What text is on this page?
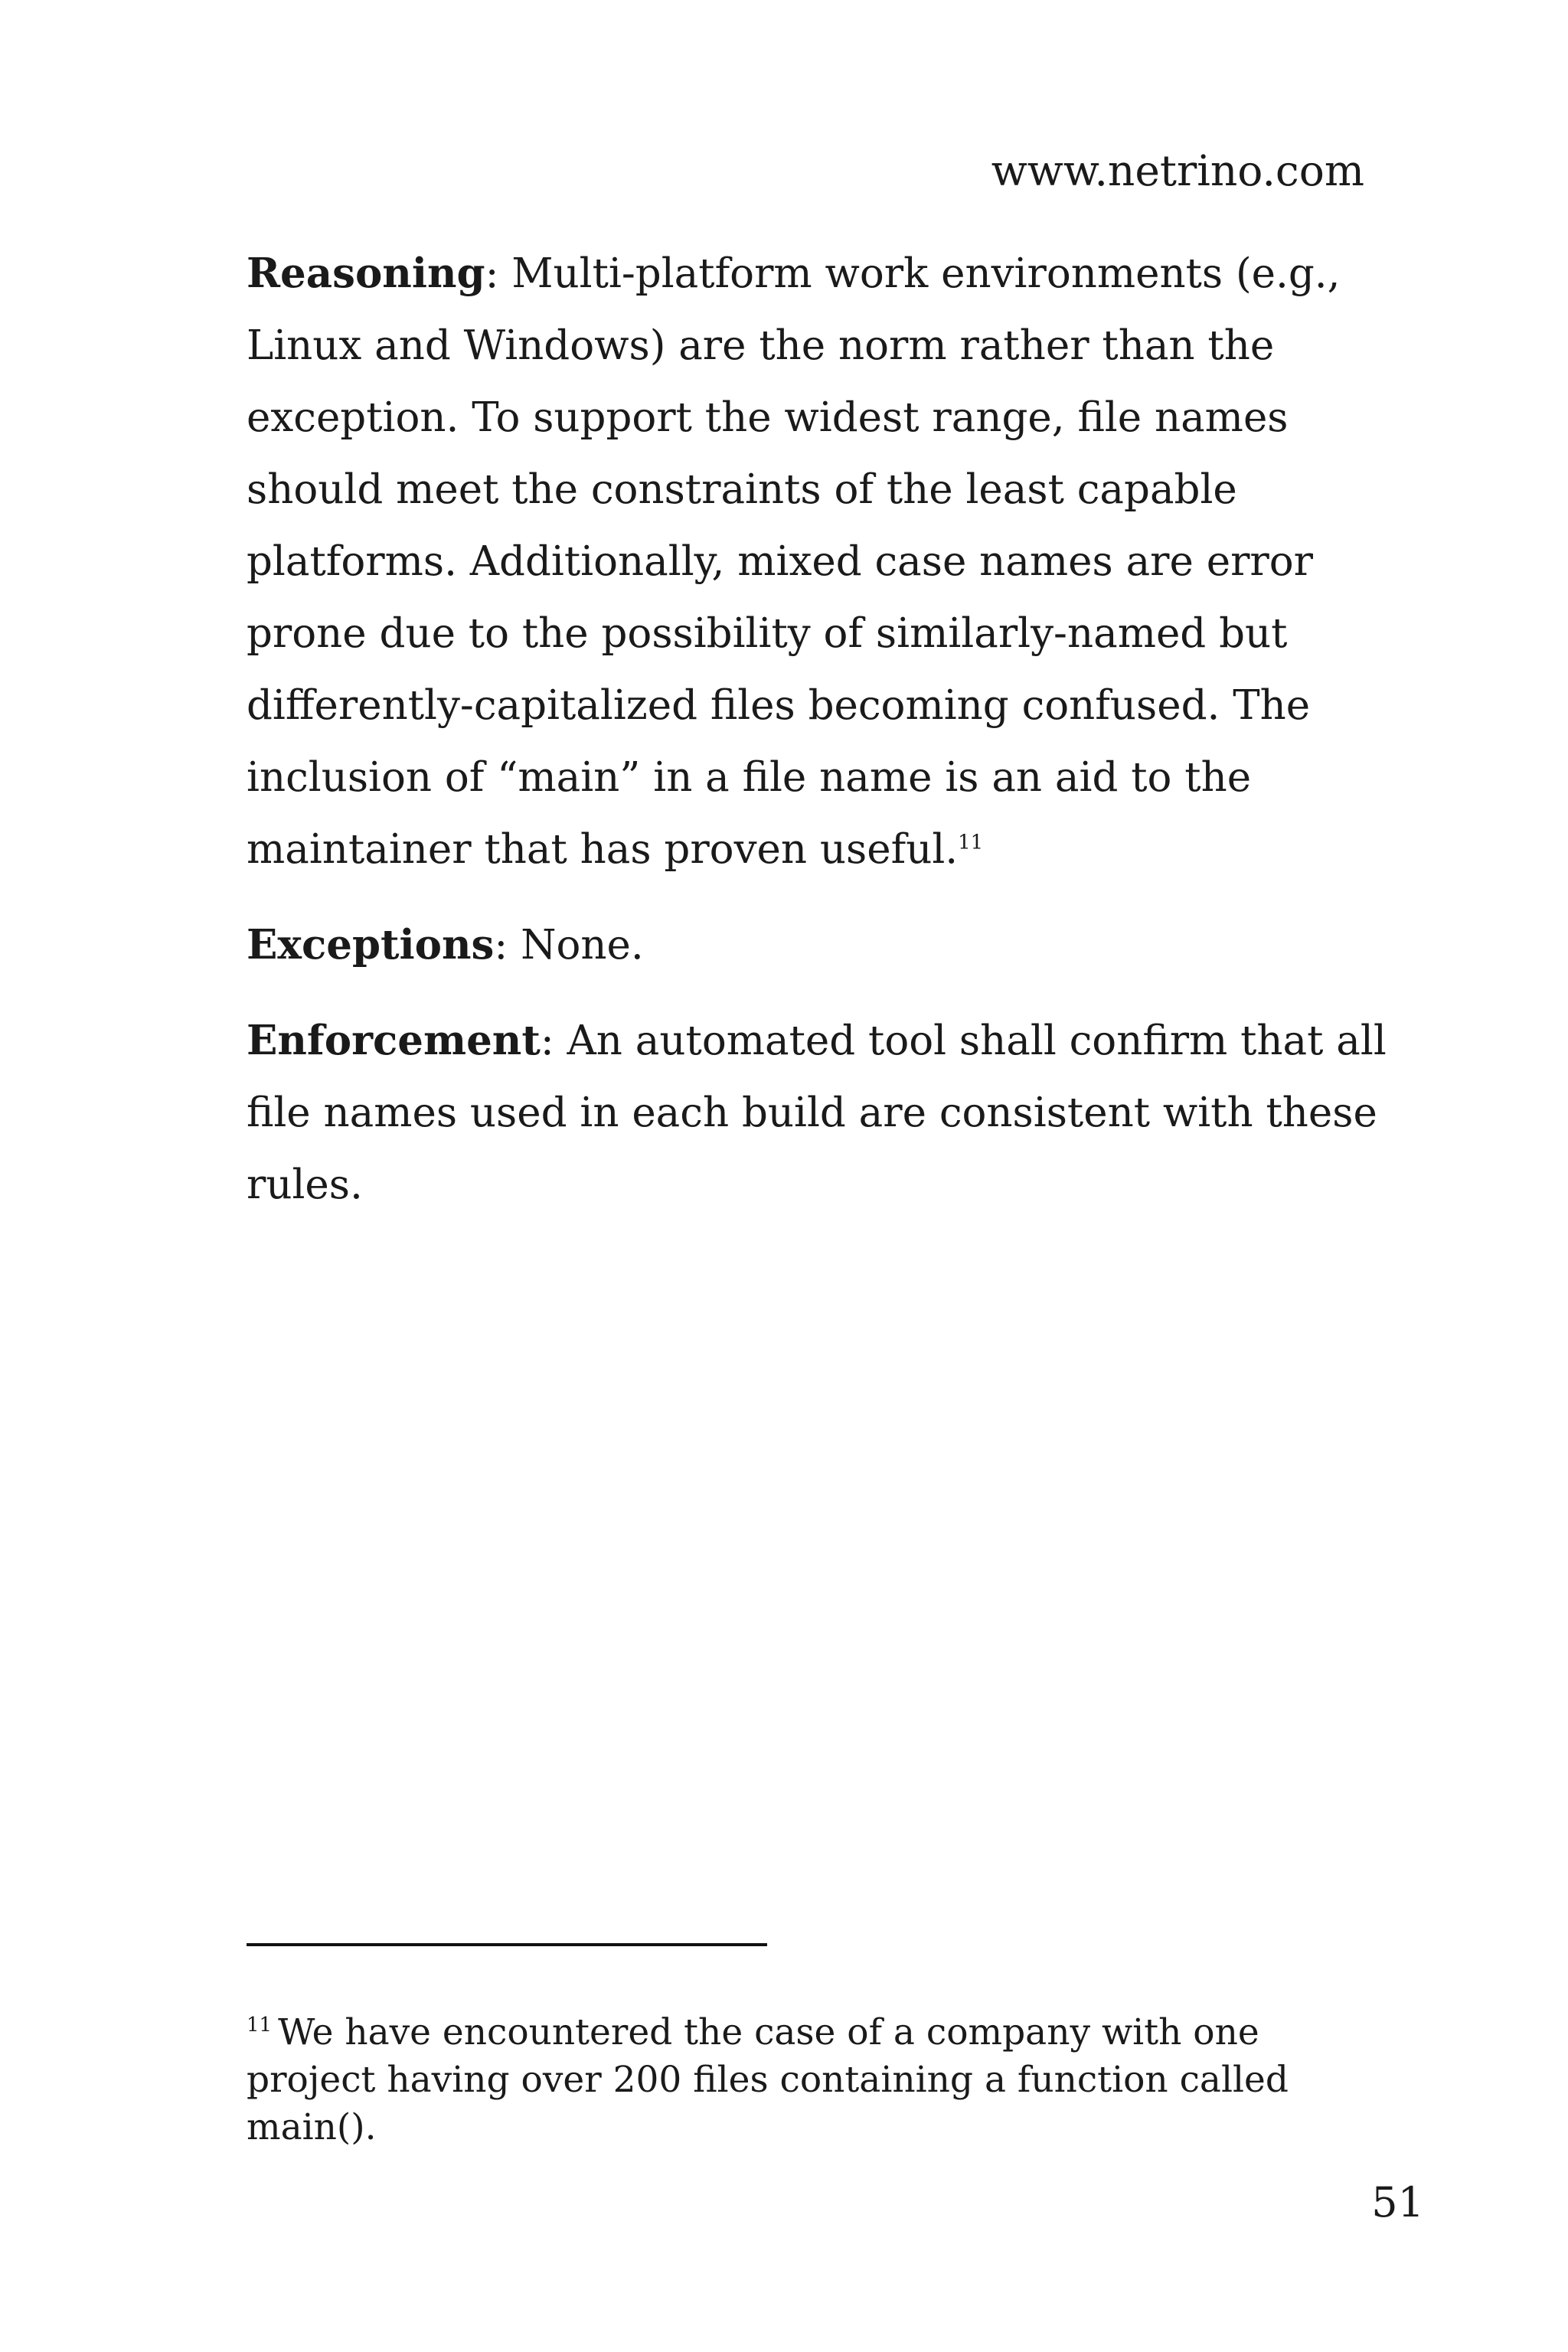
www.netrino.com

Reasoning: Multi-platform work environments (e.g., Linux and Windows) are the norm rather than the exception. To support the widest range, file names should meet the constraints of the least capable platforms. Additionally, mixed case names are error prone due to the possibility of similarly-named but differently-capitalized files becoming confused. The inclusion of “main” in a file name is an aid to the maintainer that has proven useful.$^{11}$

Exceptions: None.

Enforcement: An automated tool shall confirm that all file names used in each build are consistent with these rules.

$^{11}$ We have encountered the case of a company with one project having over 200 files containing a function called main().
51
